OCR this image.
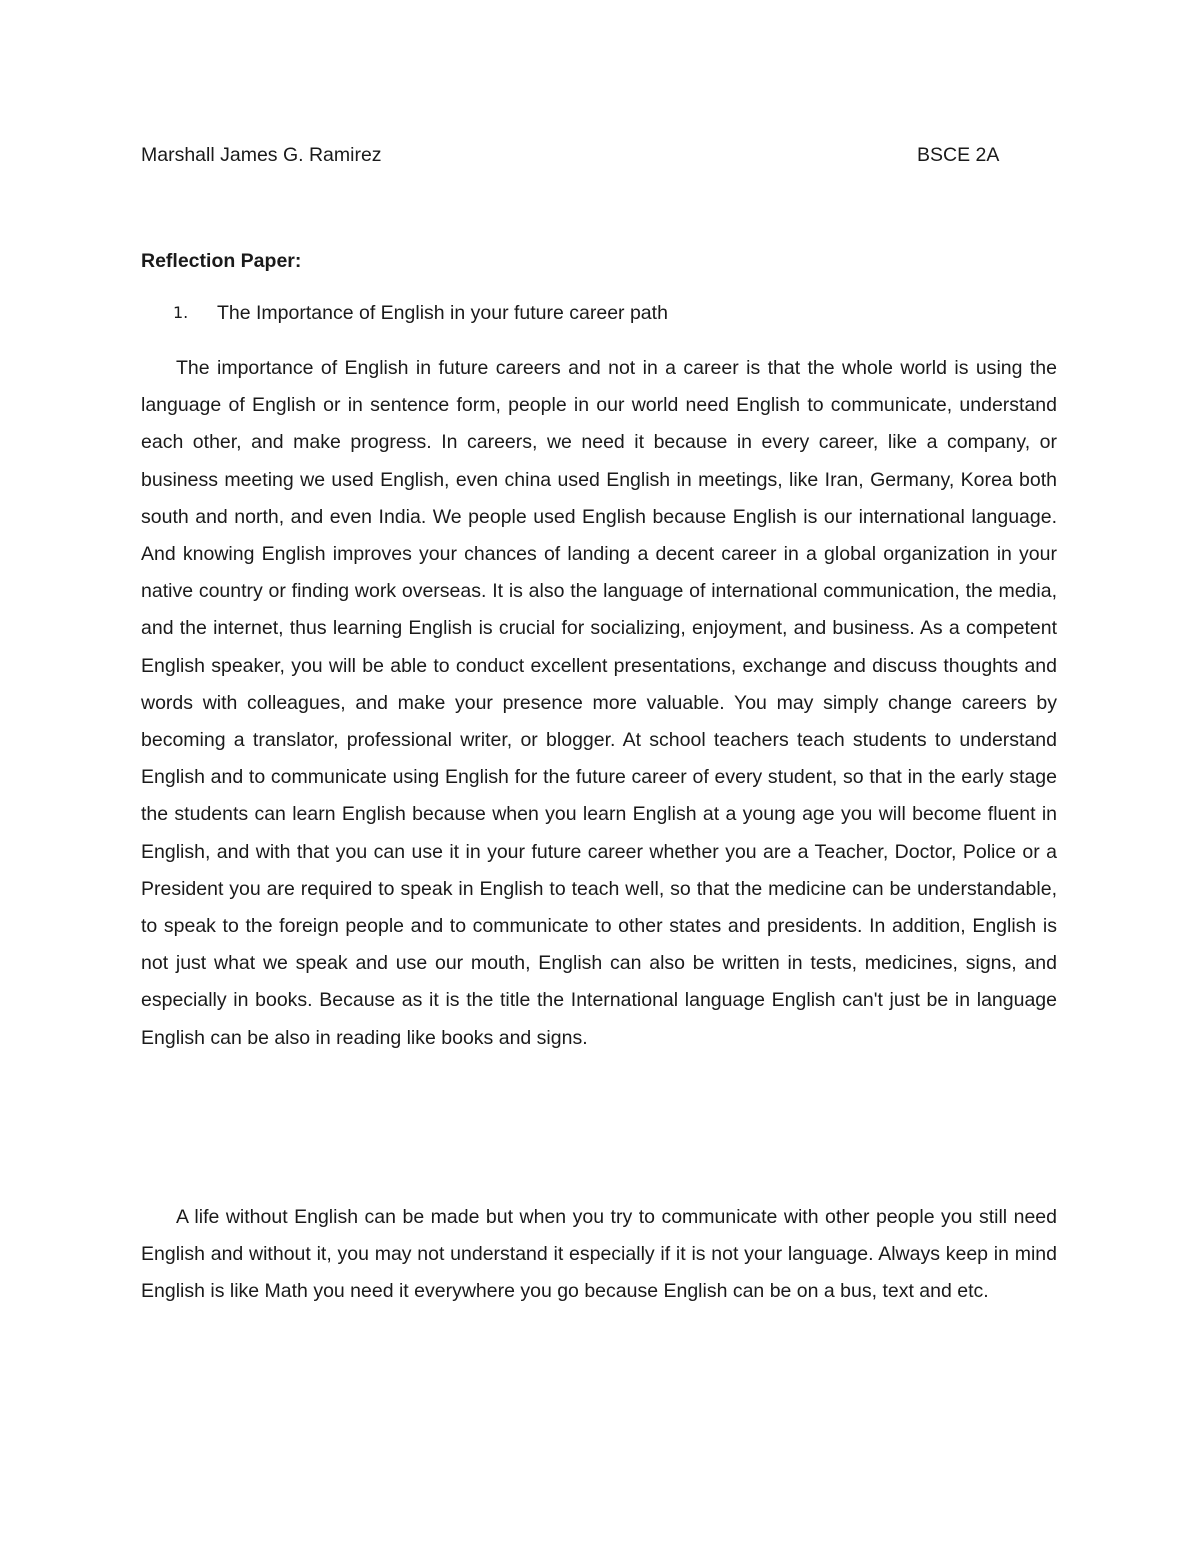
Marshall James G. Ramirez	BSCE 2A
Reflection Paper:
1. The Importance of English in your future career path

The importance of English in future careers and not in a career is that the whole world is using the language of English or in sentence form, people in our world need English to communicate, understand each other, and make progress. In careers, we need it because in every career, like a company, or business meeting we used English, even china used English in meetings, like Iran, Germany, Korea both south and north, and even India. We people used English because English is our international language. And knowing English improves your chances of landing a decent career in a global organization in your native country or finding work overseas. It is also the language of international communication, the media, and the internet, thus learning English is crucial for socializing, enjoyment, and business. As a competent English speaker, you will be able to conduct excellent presentations, exchange and discuss thoughts and words with colleagues, and make your presence more valuable. You may simply change careers by becoming a translator, professional writer, or blogger. At school teachers teach students to understand English and to communicate using English for the future career of every student, so that in the early stage the students can learn English because when you learn English at a young age you will become fluent in English, and with that you can use it in your future career whether you are a Teacher, Doctor, Police or a President you are required to speak in English to teach well, so that the medicine can be understandable, to speak to the foreign people and to communicate to other states and presidents. In addition, English is not just what we speak and use our mouth, English can also be written in tests, medicines, signs, and especially in books. Because as it is the title the International language English can't just be in language English can be also in reading like books and signs.

A life without English can be made but when you try to communicate with other people you still need English and without it, you may not understand it especially if it is not your language. Always keep in mind English is like Math you need it everywhere you go because English can be on a bus, text and etc.
